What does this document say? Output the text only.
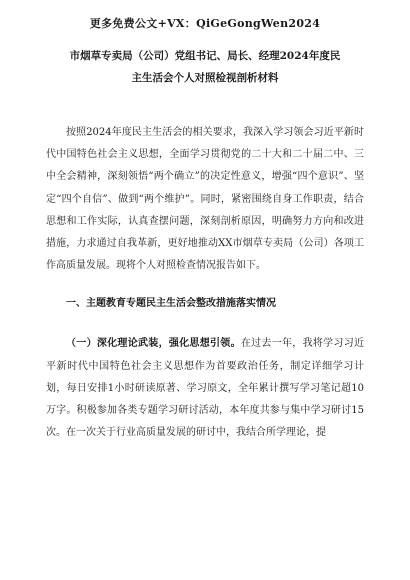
更多免费公文+VX：QiGeGongWen2024
市烟草专卖局（公司）党组书记、局长、经理2024年度民
主生活会个人对照检视剖析材料

按照2024年度民主生活会的相关要求，我深入学习领会习近平新时代中国特色社会主义思想，全面学习贯彻党的二十大和二十届二中、三中全会精神，深刻领悟“两个确立”的决定性意义，增强“四个意识”、坚定“四个自信”、做到“两个维护”。同时，紧密围绕自身工作职责，结合思想和工作实际，认真查摆问题，深刻剖析原因，明确努力方向和改进措施，力求通过自我革新，更好地推动XX市烟草专卖局（公司）各项工作高质量发展。现将个人对照检查情况报告如下。

一、主题教育专题民主生活会整改措施落实情况

（一）深化理论武装，强化思想引领。在过去一年，我将学习习近平新时代中国特色社会主义思想作为首要政治任务，制定详细学习计划，每日安排1小时研读原著、学习原文，全年累计撰写学习笔记超10万字。积极参加各类专题学习研讨活动，本年度共参与集中学习研讨15次。在一次关于行业高质量发展的研讨中，我结合所学理论，提
